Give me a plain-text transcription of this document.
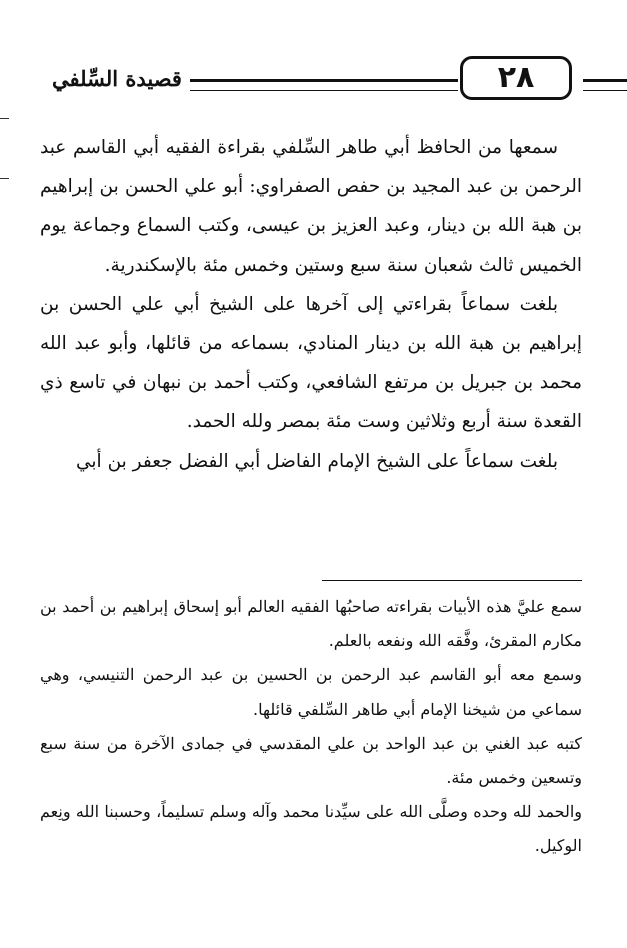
قصيدة السِّلفي	٢٨

سمعها من الحافظ أبي طاهر السِّلفي بقراءة الفقيه أبي القاسم عبد الرحمن بن عبد المجيد بن حفص الصفراوي: أبو علي الحسن بن إبراهيم بن هبة الله بن دينار، وعبد العزيز بن عيسى، وكتب السماع وجماعة يوم الخميس ثالث شعبان سنة سبع وستين وخمس مئة بالإسكندرية.

بلغت سماعاً بقراءتي إلى آخرها على الشيخ أبي علي الحسن بن إبراهيم بن هبة الله بن دينار المنادي، بسماعه من قائلها، وأبو عبد الله محمد بن جبريل بن مرتفع الشافعي، وكتب أحمد بن نبهان في تاسع ذي القعدة سنة أربع وثلاثين وست مئة بمصر ولله الحمد.

بلغت سماعاً على الشيخ الإمام الفاضل أبي الفضل جعفر بن أبي

سمع عليَّ هذه الأبيات بقراءته صاحبُها الفقيه العالم أبو إسحاق إبراهيم بن أحمد بن مكارم المقرئ، وفَّقه الله ونفعه بالعلم.

وسمع معه أبو القاسم عبد الرحمن بن الحسين بن عبد الرحمن التنيسي، وهي سماعي من شيخنا الإمام أبي طاهر السِّلفي قائلها.

كتبه عبد الغني بن عبد الواحد بن علي المقدسي في جمادى الآخرة من سنة سبع وتسعين وخمس مئة.

والحمد لله وحده وصلَّى الله على سيِّدنا محمد وآله وسلم تسليماً، وحسبنا الله ونِعم الوكيل.
